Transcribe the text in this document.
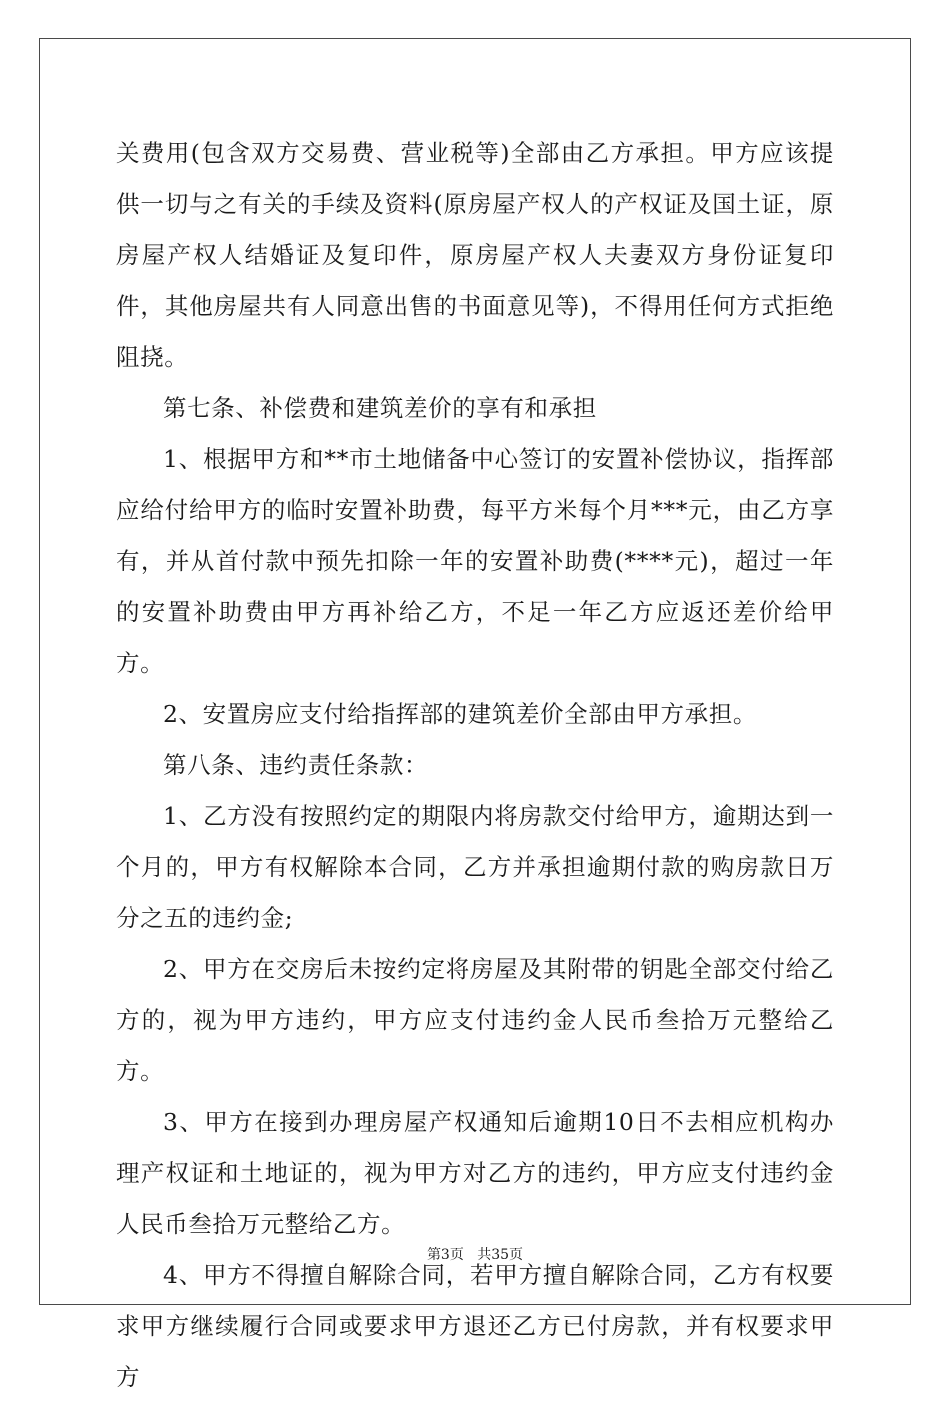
关费用(包含双方交易费、营业税等)全部由乙方承担。甲方应该提供一切与之有关的手续及资料(原房屋产权人的产权证及国土证，原房屋产权人结婚证及复印件，原房屋产权人夫妻双方身份证复印件，其他房屋共有人同意出售的书面意见等)，不得用任何方式拒绝阻挠。

第七条、补偿费和建筑差价的享有和承担

1、根据甲方和**市土地储备中心签订的安置补偿协议，指挥部应给付给甲方的临时安置补助费，每平方米每个月***元，由乙方享有，并从首付款中预先扣除一年的安置补助费(****元)，超过一年的安置补助费由甲方再补给乙方，不足一年乙方应返还差价给甲方。

2、安置房应支付给指挥部的建筑差价全部由甲方承担。

第八条、违约责任条款：

1、乙方没有按照约定的期限内将房款交付给甲方，逾期达到一个月的，甲方有权解除本合同，乙方并承担逾期付款的购房款日万分之五的违约金;

2、甲方在交房后未按约定将房屋及其附带的钥匙全部交付给乙方的，视为甲方违约，甲方应支付违约金人民币叁拾万元整给乙方。

3、甲方在接到办理房屋产权通知后逾期10日不去相应机构办理产权证和土地证的，视为甲方对乙方的违约，甲方应支付违约金人民币叁拾万元整给乙方。

4、甲方不得擅自解除合同，若甲方擅自解除合同，乙方有权要求甲方继续履行合同或要求甲方退还乙方已付房款，并有权要求甲方

第3页 共35页
